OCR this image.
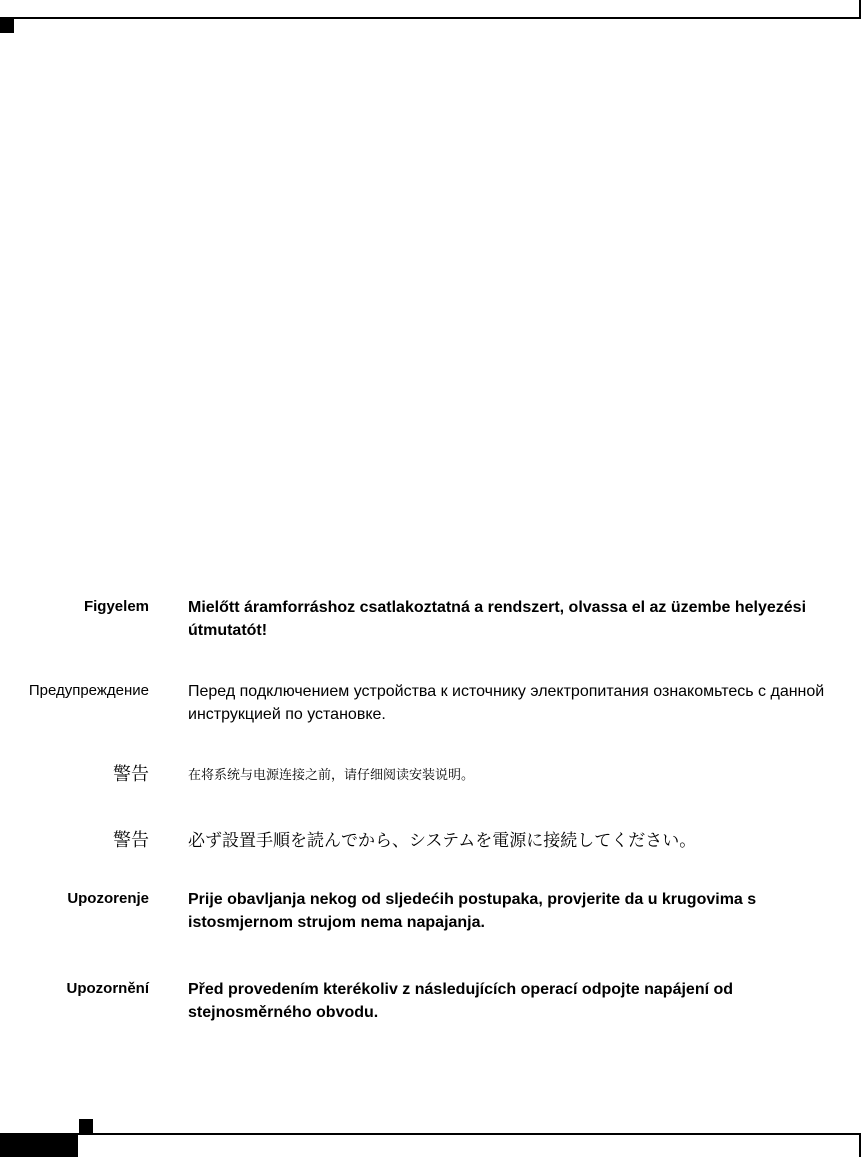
Figyelem Mielőtt áramforráshoz csatlakoztatná a rendszert, olvassa el az üzembe helyezési útmutatót!
Предупреждение Перед подключением устройства к источнику электропитания ознакомьтесь с данной инструкцией по установке.
警告	在将系统与电源连接之前，请仔细阅读安装说明。
警告 必ず設置手順を読んでから、システムを電源に接続してください。
Upozorenje Prije obavljanja nekog od sljedećih postupaka, provjerite da u krugovima s istosmjernom strujom nema napajanja.
Upozornění Před provedením kterékoliv z následujících operací odpojte napájení od stejnosměrného obvodu.
